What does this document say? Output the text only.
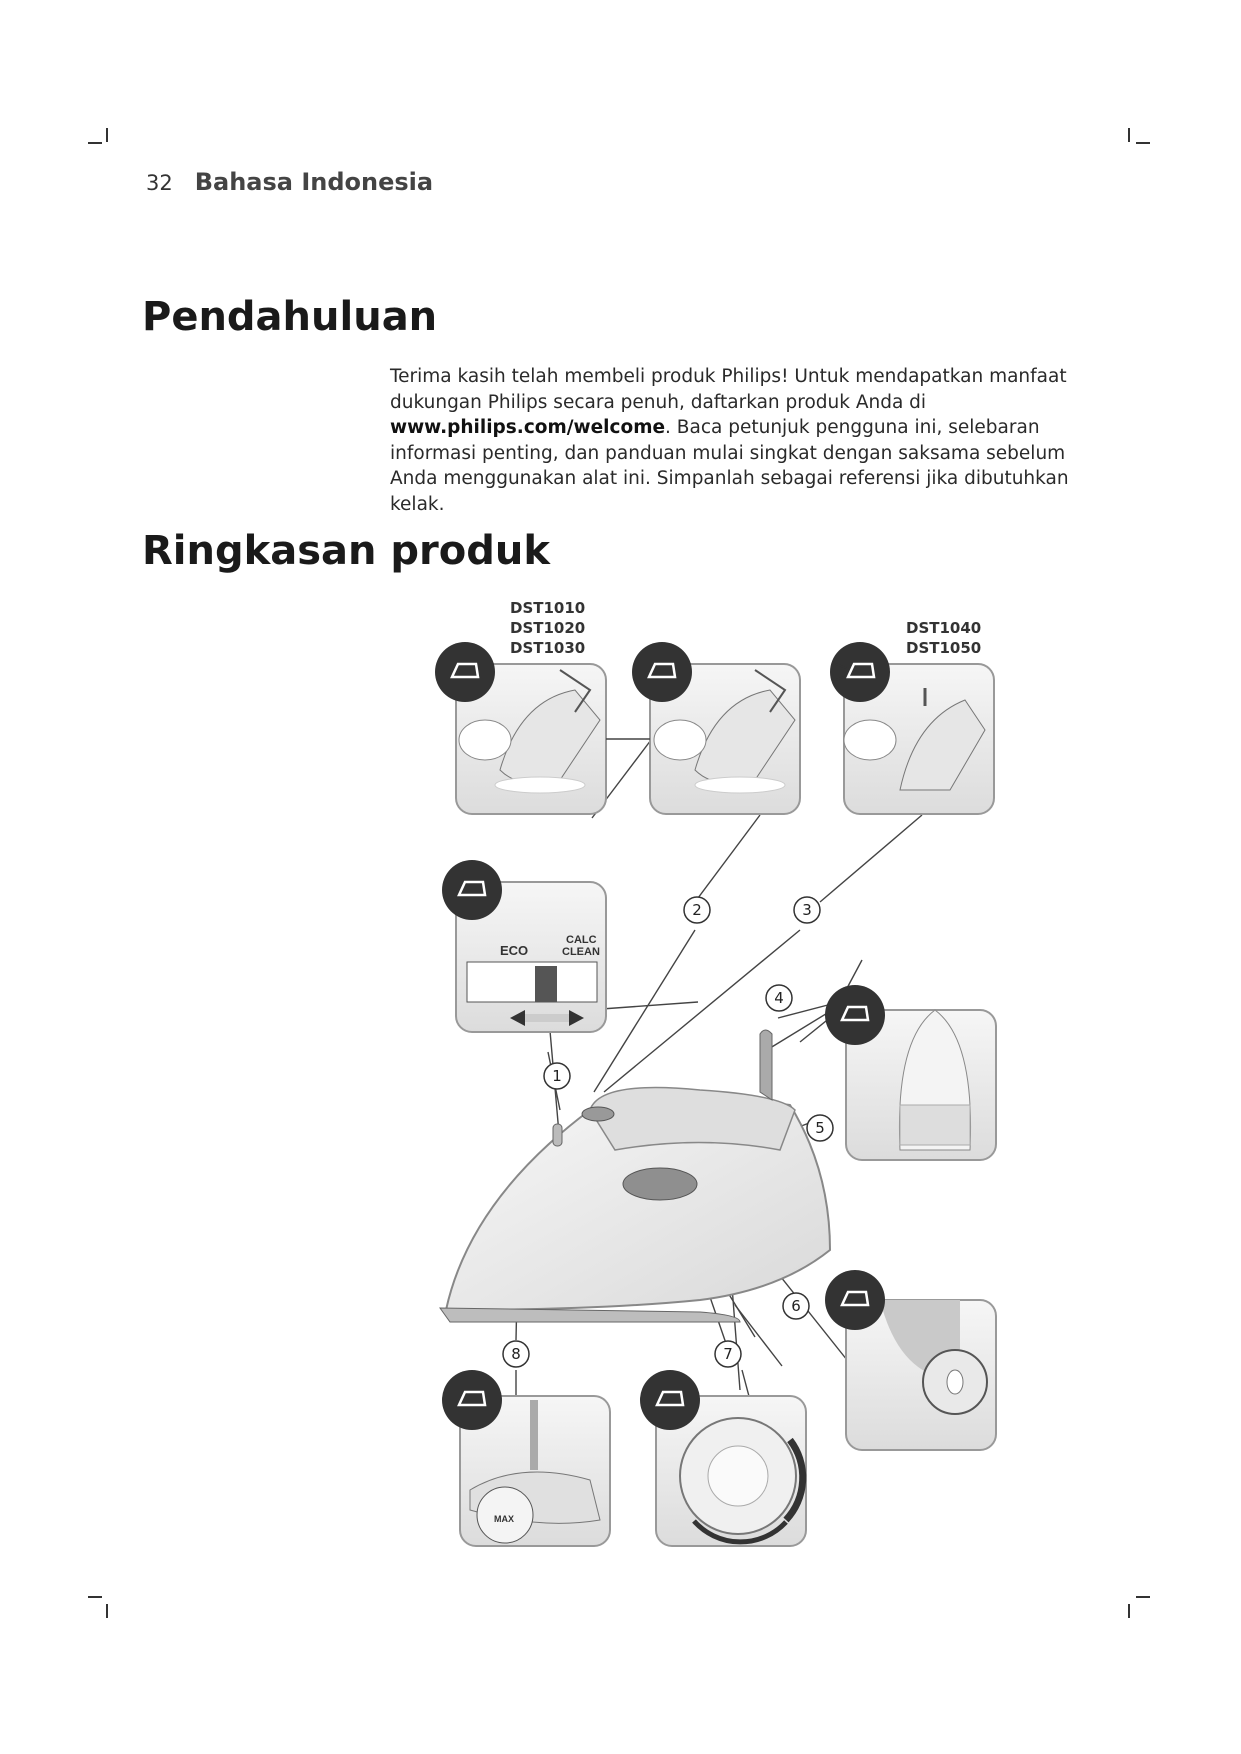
32 Bahasa Indonesia
Pendahuluan

Terima kasih telah membeli produk Philips! Untuk mendapatkan manfaat dukungan Philips secara penuh, daftarkan produk Anda di www.philips.com/welcome. Baca petunjuk pengguna ini, selebaran informasi penting, dan panduan mulai singkat dengan saksama sebelum Anda menggunakan alat ini. Simpanlah sebagai referensi jika dibutuhkan kelak.

Ringkasan produk
DST1010
DST1020
DST1030
DST1040
DST1050
ECO
CALC
CLEAN
MAX
1
2	3
4
5
6
7
8
